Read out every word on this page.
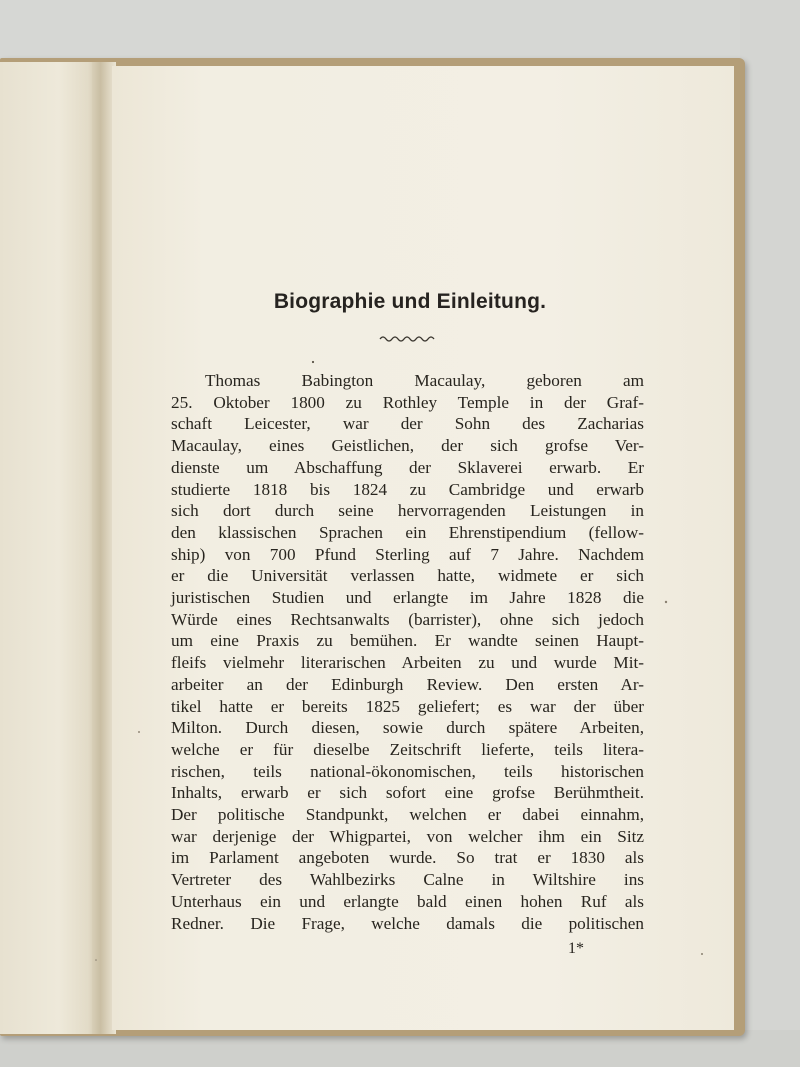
Biographie und Einleitung.
Thomas Babington Macaulay, geboren am
25. Oktober 1800 zu Rothley Temple in der Graf-
schaft Leicester, war der Sohn des Zacharias
Macaulay, eines Geistlichen, der sich grofse Ver-
dienste um Abschaffung der Sklaverei erwarb. Er
studierte 1818 bis 1824 zu Cambridge und erwarb
sich dort durch seine hervorragenden Leistungen in
den klassischen Sprachen ein Ehrenstipendium (fellow-
ship) von 700 Pfund Sterling auf 7 Jahre. Nachdem
er die Universität verlassen hatte, widmete er sich
juristischen Studien und erlangte im Jahre 1828 die
Würde eines Rechtsanwalts (barrister), ohne sich jedoch
um eine Praxis zu bemühen. Er wandte seinen Haupt-
fleifs vielmehr literarischen Arbeiten zu und wurde Mit-
arbeiter an der Edinburgh Review. Den ersten Ar-
tikel hatte er bereits 1825 geliefert; es war der über
Milton. Durch diesen, sowie durch spätere Arbeiten,
welche er für dieselbe Zeitschrift lieferte, teils litera-
rischen, teils national-ökonomischen, teils historischen
Inhalts, erwarb er sich sofort eine grofse Berühmtheit.
Der politische Standpunkt, welchen er dabei einnahm,
war derjenige der Whigpartei, von welcher ihm ein Sitz
im Parlament angeboten wurde. So trat er 1830 als
Vertreter des Wahlbezirks Calne in Wiltshire ins
Unterhaus ein und erlangte bald einen hohen Ruf als
Redner. Die Frage, welche damals die politischen
1*
